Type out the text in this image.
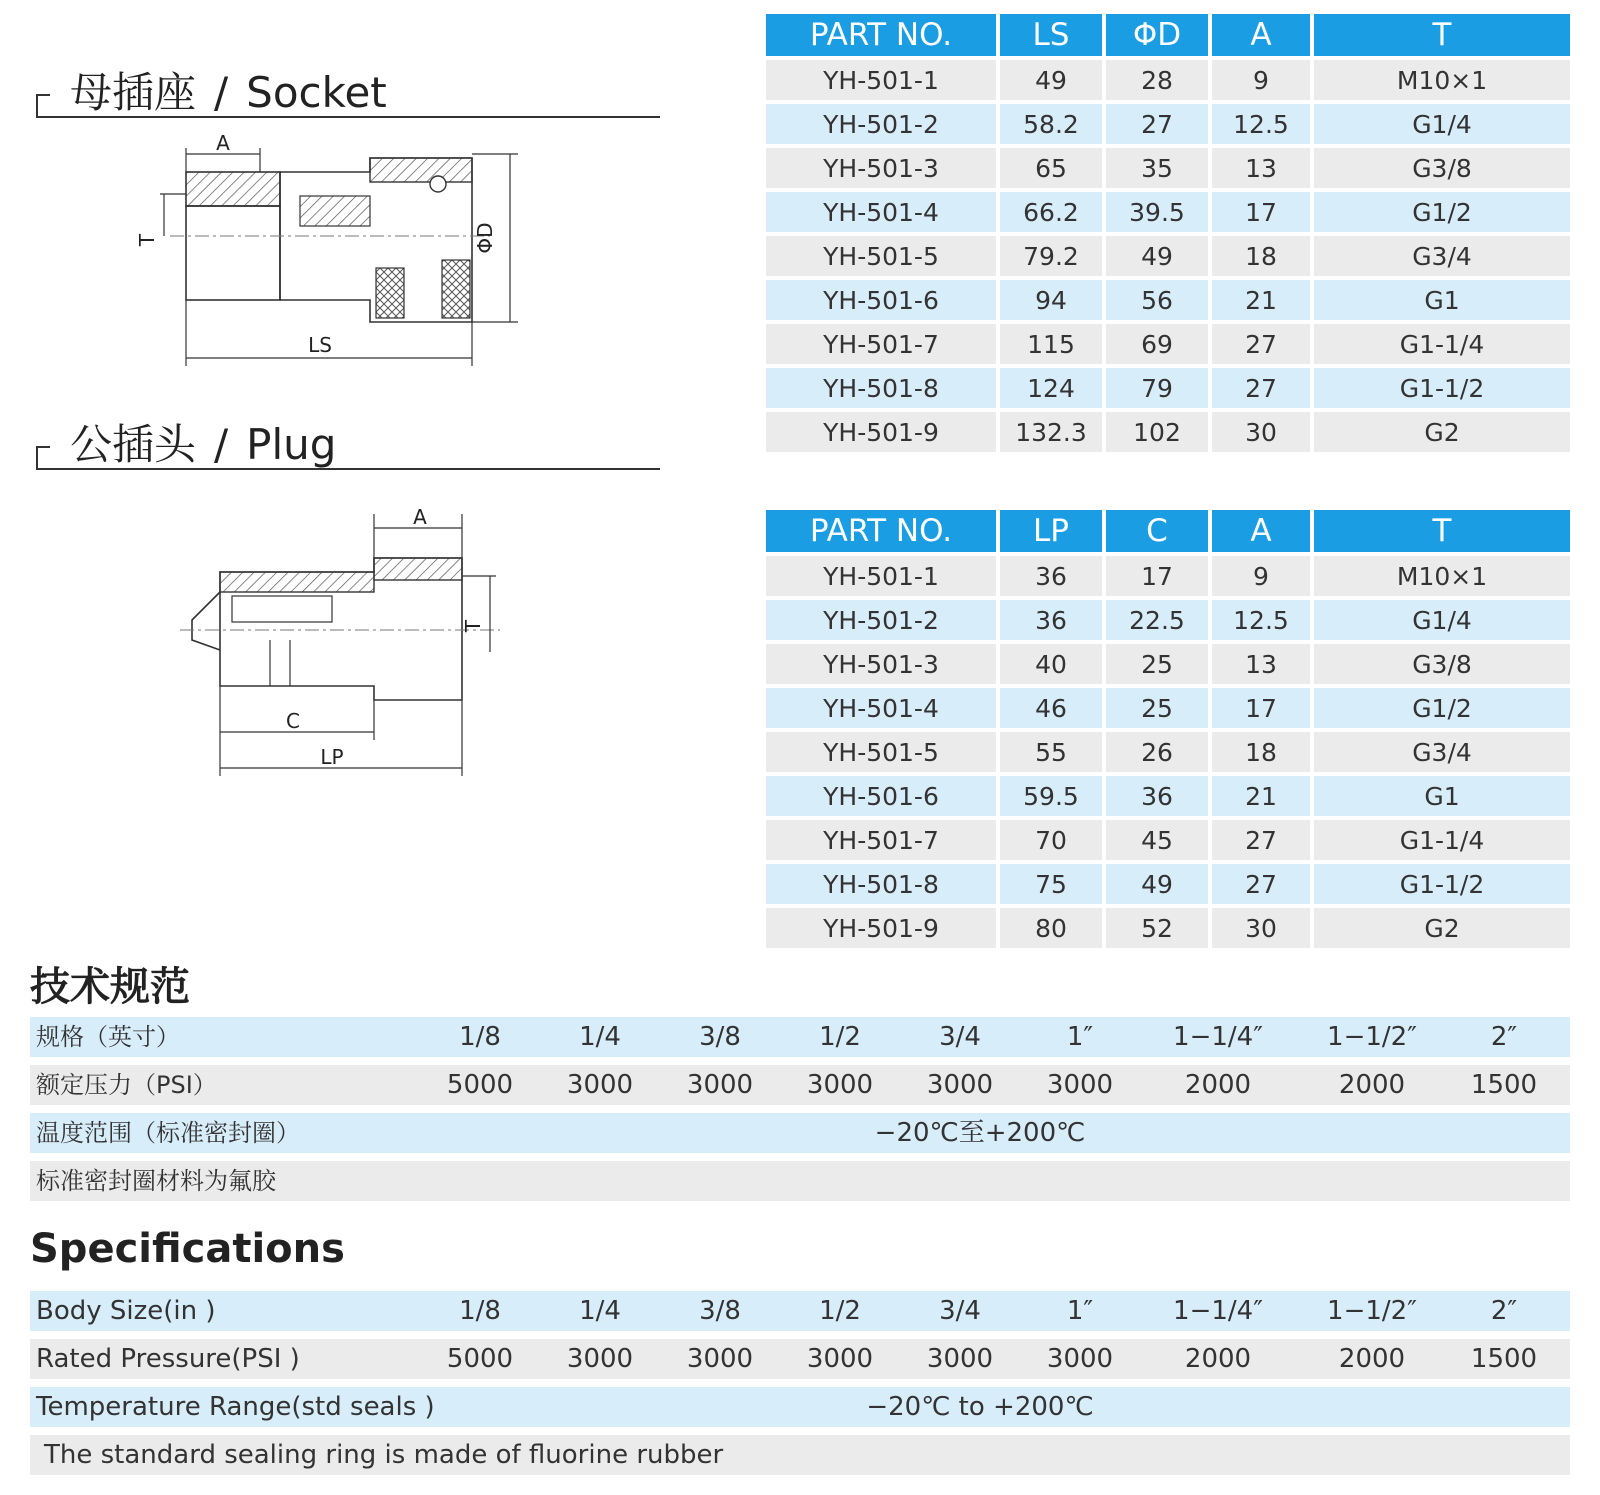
母插座 / Socket
A
T	ΦD
LS
公插头 / Plug
A
T
C
LP
PART NO.	LS	ΦD	A	T
YH-501-1	49	28	9	M10×1
YH-501-2	58.2	27	12.5	G1/4
YH-501-3	65	35	13	G3/8
YH-501-4	66.2	39.5	17	G1/2
YH-501-5	79.2	49	18	G3/4
YH-501-6	94	56	21	G1
YH-501-7	115	69	27	G1-1/4
YH-501-8	124	79	27	G1-1/2
YH-501-9	132.3	102	30	G2
PART NO.	LP	C	A	T
YH-501-1	36	17	9	M10×1
YH-501-2	36	22.5	12.5	G1/4
YH-501-3	40	25	13	G3/8
YH-501-4	46	25	17	G1/2
YH-501-5	55	26	18	G3/4
YH-501-6	59.5	36	21	G1
YH-501-7	70	45	27	G1-1/4
YH-501-8	75	49	27	G1-1/2
YH-501-9	80	52	30	G2
技术规范
规格（英寸）	1/8	1/4	3/8	1/2	3/4	1″	1−1/4″	1−1/2″	2″
额定压力（PSI）	5000	3000	3000	3000	3000	3000	2000	2000	1500
温度范围（标准密封圈）	−20℃至+200℃
标准密封圈材料为氟胶
Specifications
Body Size(in )	1/8	1/4	3/8	1/2	3/4	1″	1−1/4″	1−1/2″	2″
Rated Pressure(PSI )	5000	3000	3000	3000	3000	3000	2000	2000	1500
Temperature Range(std seals )	−20℃ to +200℃
The standard sealing ring is made of fluorine rubber
